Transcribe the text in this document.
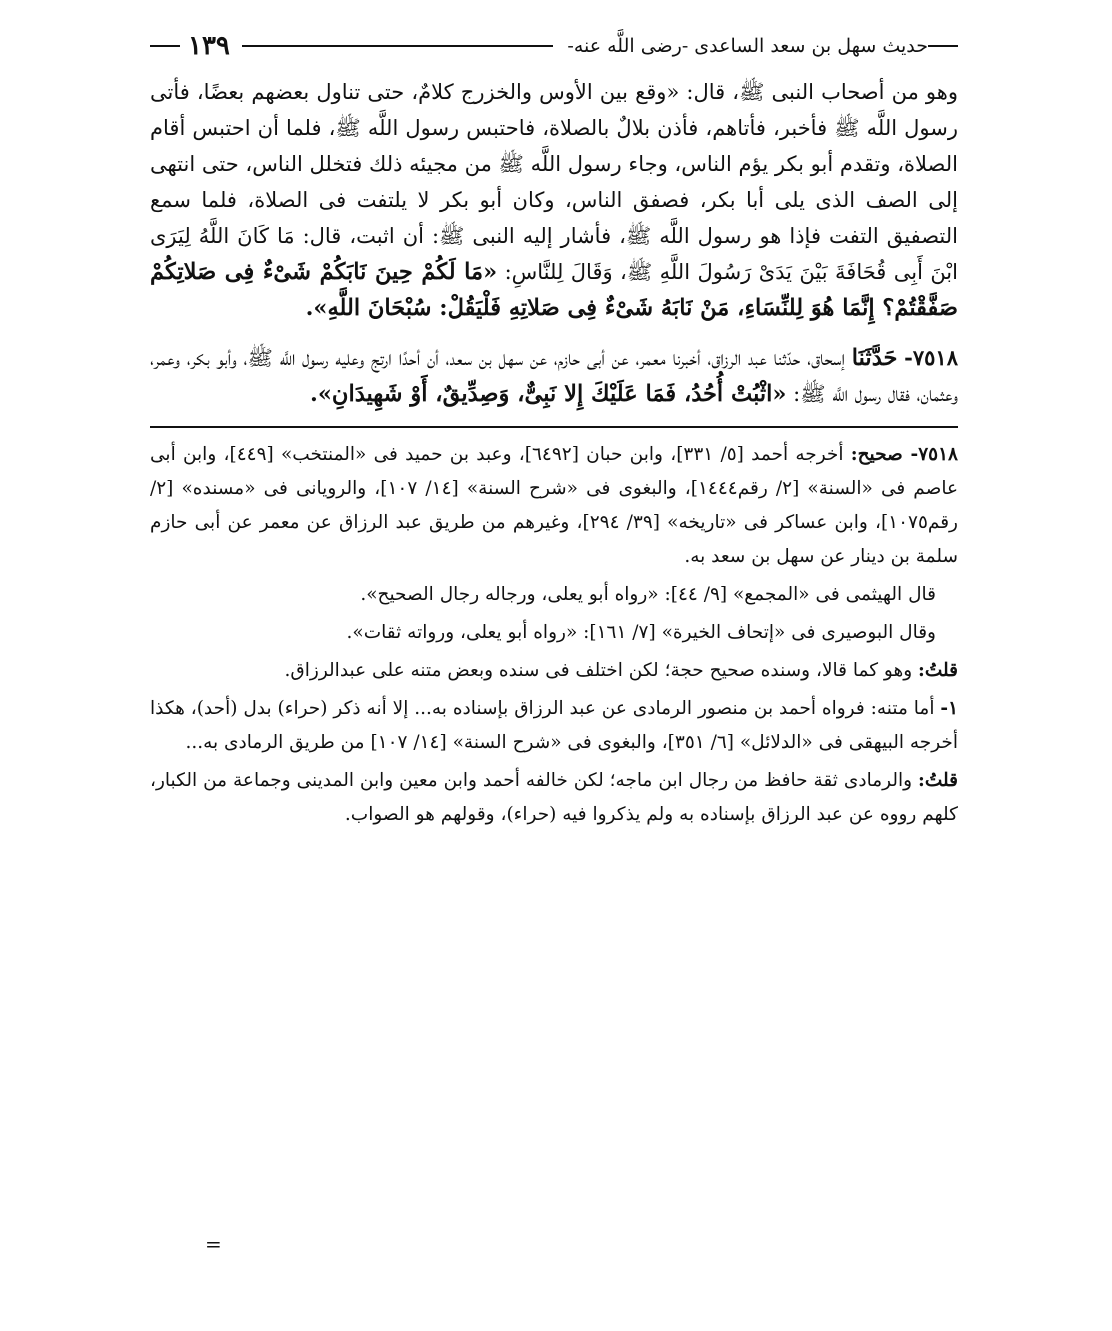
حديث سهل بن سعد الساعدى -رضى اللَّه عنه-
١٣٩

وهو من أصحاب النبى ﷺ، قال: «وقع بين الأوس والخزرج كلامٌ، حتى تناول بعضهم بعضًا، فأتى رسول اللَّه ﷺ فأخبر، فأتاهم، فأذن بلالٌ بالصلاة، فاحتبس رسول اللَّه ﷺ، فلما أن احتبس أقام الصلاة، وتقدم أبو بكر يؤم الناس، وجاء رسول اللَّه ﷺ من مجيئه ذلك فتخلل الناس، حتى انتهى إلى الصف الذى يلى أبا بكر، فصفق الناس، وكان أبو بكر لا يلتفت فى الصلاة، فلما سمع التصفيق التفت فإذا هو رسول اللَّه ﷺ، فأشار إليه النبى ﷺ: أن اثبت، قال: مَا كَانَ اللَّهُ لِيَرَى ابْنَ أَبِى قُحَافَةَ بَيْنَ يَدَىْ رَسُولَ اللَّهِ ﷺ، وَقَالَ لِلنَّاسِ: «مَا لَكُمْ حِينَ نَابَكُمْ شَىْءٌ فِى صَلاتِكُمْ صَفَّقْتُمْ؟ إِنَّمَا هُوَ لِلنِّسَاءِ، مَنْ نَابَهُ شَىْءٌ فِى صَلاتِهِ فَلْيَقُلْ: سُبْحَانَ اللَّهِ».

٧٥١٨- حَدَّثَنَا إسحاق، حدّثنا عبد الرزاق، أخبرنا معمر، عن أبى حازم، عن سهل بن سعد، أن أحدًا ارتج وعليه رسول اللَّه ﷺ، وأبو بكر، وعمر، وعثمان، فقال رسول اللَّه ﷺ: «اثْبُتْ أُحُدُ، فَمَا عَلَيْكَ إِلا نَبِىٌّ، وَصِدِّيقٌ، أَوْ شَهِيدَانِ».

٧٥١٨- صحيح: أخرجه أحمد [٥/ ٣٣١]، وابن حبان [٦٤٩٢]، وعبد بن حميد فى «المنتخب» [٤٤٩]، وابن أبى عاصم فى «السنة» [٢/ رقم١٤٤٤]، والبغوى فى «شرح السنة» [١٤/ ١٠٧]، والرويانى فى «مسنده» [٢/ رقم١٠٧٥]، وابن عساكر فى «تاريخه» [٣٩/ ٢٩٤]، وغيرهم من طريق عبد الرزاق عن معمر عن أبى حازم سلمة بن دينار عن سهل بن سعد به.

قال الهيثمى فى «المجمع» [٩/ ٤٤]: «رواه أبو يعلى، ورجاله رجال الصحيح».

وقال البوصيرى فى «إتحاف الخيرة» [٧/ ١٦١]: «رواه أبو يعلى، ورواته ثقات».

قلتُ: وهو كما قالا، وسنده صحيح حجة؛ لكن اختلف فى سنده وبعض متنه على عبدالرزاق.

١- أما متنه: فرواه أحمد بن منصور الرمادى عن عبد الرزاق بإسناده به... إلا أنه ذكر (حراء) بدل (أحد)، هكذا أخرجه البيهقى فى «الدلائل» [٦/ ٣٥١]، والبغوى فى «شرح السنة» [١٤/ ١٠٧] من طريق الرمادى به...

قلتُ: والرمادى ثقة حافظ من رجال ابن ماجه؛ لكن خالفه أحمد وابن معين وابن المدينى وجماعة من الكبار، كلهم رووه عن عبد الرزاق بإسناده به ولم يذكروا فيه (حراء)، وقولهم هو الصواب.

=
